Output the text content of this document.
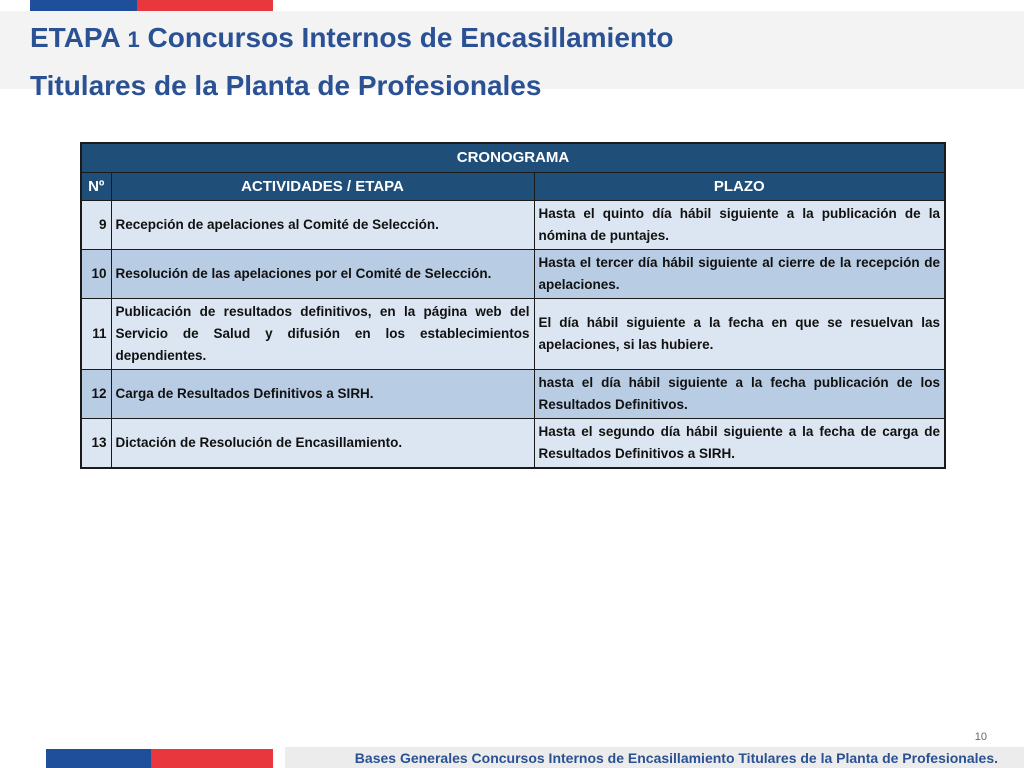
ETAPA 1 Concursos Internos de Encasillamiento
Titulares de la Planta de Profesionales
CRONOGRAMA		
Nº	ACTIVIDADES / ETAPA	PLAZO
9	Recepción de apelaciones al Comité de Selección.	Hasta el quinto día hábil siguiente a la publicación de la nómina de puntajes.
10	Resolución de las apelaciones por el Comité de Selección.	Hasta el tercer día hábil siguiente al cierre de la recepción de apelaciones.
11	Publicación de resultados definitivos, en la página web del Servicio de Salud y difusión en los establecimientos dependientes.	El día hábil siguiente a la fecha en que se resuelvan las apelaciones, si las hubiere.
12	Carga de Resultados Definitivos a SIRH.	hasta el día hábil siguiente a la fecha publicación de los Resultados Definitivos.
13	Dictación de Resolución de Encasillamiento.	Hasta el segundo día hábil siguiente a la fecha de carga de Resultados Definitivos a SIRH.
10

Bases Generales Concursos Internos de Encasillamiento Titulares de la Planta de Profesionales.
